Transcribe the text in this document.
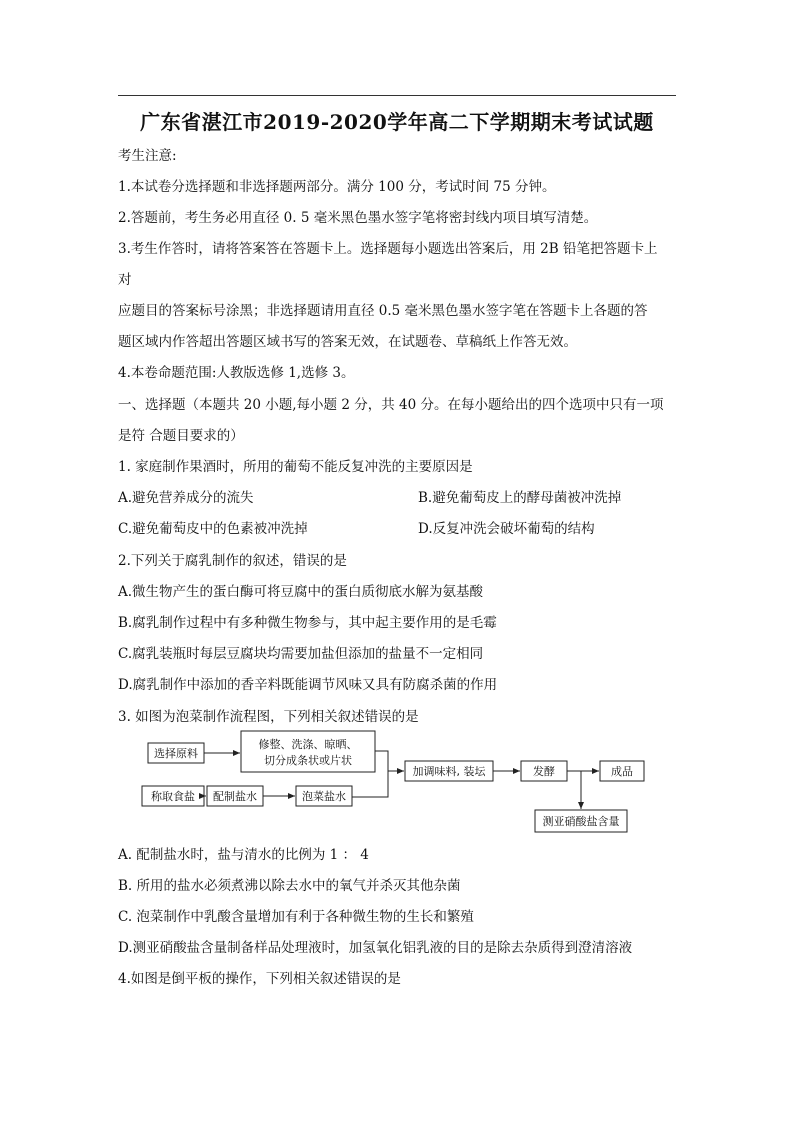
广东省湛江市2019-2020学年高二下学期期末考试试题
考生注意:
1.本试卷分选择题和非选择题两部分。满分 100 分，考试时间 75 分钟。
2.答题前，考生务必用直径 0. 5 毫米黑色墨水签字笔将密封线内项目填写清楚。
3.考生作答时，请将答案答在答题卡上。选择题每小题选出答案后，用 2B 铅笔把答题卡上
对
应题目的答案标号涂黑；非选择题请用直径 0.5 毫米黑色墨水签字笔在答题卡上各题的答
题区域内作答超出答题区域书写的答案无效，在试题卷、草稿纸上作答无效。
4.本卷命题范围:人教版选修 1,选修 3。
一、选择题（本题共 20 小题,每小题 2 分，共 40 分。在每小题给出的四个选项中只有一项
是符 合题目要求的）
1. 家庭制作果酒时，所用的葡萄不能反复冲洗的主要原因是
A.避免营养成分的流失	B.避免葡萄皮上的酵母菌被冲洗掉
C.避免葡萄皮中的色素被冲洗掉	D.反复冲洗会破坏葡萄的结构
2.下列关于腐乳制作的叙述，错误的是
A.微生物产生的蛋白酶可将豆腐中的蛋白质彻底水解为氨基酸
B.腐乳制作过程中有多种微生物参与，其中起主要作用的是毛霉
C.腐乳装瓶时每层豆腐块均需要加盐但添加的盐量不一定相同
D.腐乳制作中添加的香辛料既能调节风味又具有防腐杀菌的作用
3. 如图为泡菜制作流程图，下列相关叙述错误的是
选择原料
修整、洗涤、晾晒、
切分成条状或片状
称取食盐 配制盐水	泡菜盐水
加调味料, 装坛	发酵	成品
测亚硝酸盐含量
A. 配制盐水时，盐与清水的比例为 1 ： 4
B. 所用的盐水必须煮沸以除去水中的氧气并杀灭其他杂菌
C. 泡菜制作中乳酸含量增加有利于各种微生物的生长和繁殖
D.测亚硝酸盐含量制备样品处理液时，加氢氧化铝乳液的目的是除去杂质得到澄清溶液
4.如图是倒平板的操作，下列相关叙述错误的是
